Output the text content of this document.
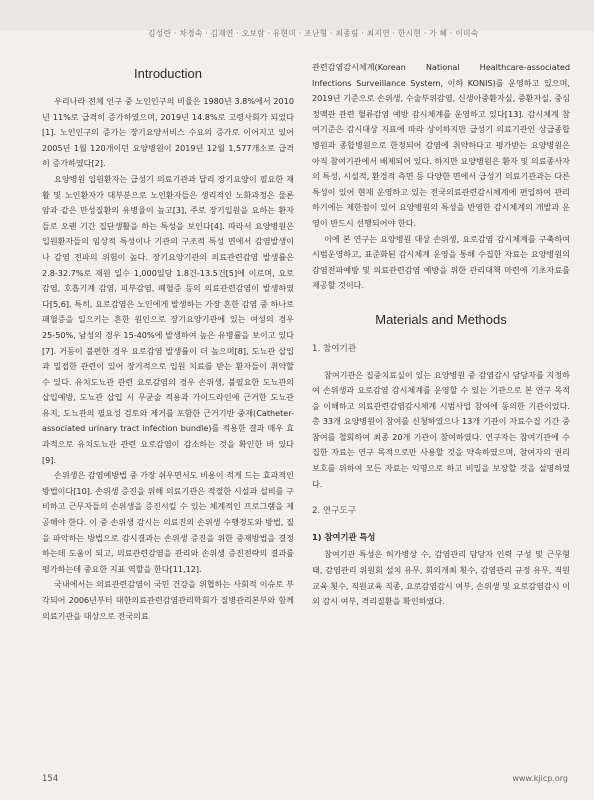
김성란 · 차경숙 · 김재연 · 오보람 · 유현미 · 조난형 · 최종림 · 최지연 · 한시현 · 가 혜 · 이미숙
Introduction

우리나라 전체 인구 중 노인인구의 비율은 1980년 3.8%에서 2010년 11%로 급격히 증가하였으며, 2019년 14.8%로 고령사회가 되었다[1]. 노인인구의 증가는 장기요양서비스 수요의 증가로 이어지고 있어 2005년 1월 120개이던 요양병원이 2019년 12월 1,577개소로 급격히 증가하였다[2].

요양병원 입원환자는 급성기 의료기관과 달리 장기요양이 필요한 재활 및 노인환자가 대부분으로 노인환자들은 생리적인 노화과정은 물론 암과 같은 만성질환의 유병율이 높고[3], 주로 장기입원을 요하는 환자들로 오랜 기간 집단생활을 하는 특성을 보인다[4]. 따라서 요양병원은 입원환자들의 임상적 특성이나 기관의 구조적 특성 면에서 감염발생이나 감염 전파의 위험이 높다. 장기요양기관의 의료관련감염 발생률은 2.8-32.7%로 재원 일수 1,000일당 1.8건-13.5건[5]에 이르며, 요로감염, 호흡기계 감염, 피부감염, 폐혈증 등의 의료관련감염이 발생하였다[5,6]. 특히, 요로감염은 노인에게 발생하는 가장 흔한 감염 중 하나로 패혈증을 일으키는 흔한 원인으로 장기요양기관에 있는 여성의 경우 25-50%, 남성의 경우 15-40%에 발생하여 높은 유병률을 보이고 있다[7]. 거동이 불편한 경우 요로감염 발생률이 더 높으며[8], 도뇨관 삽입과 밀접한 관련이 있어 장기적으로 입원 치료를 받는 환자들이 취약할 수 있다. 유치도뇨관 관련 요로감염의 경우 손위생, 불필요한 도뇨관의 삽입예방, 도뇨관 삽입 시 무균술 적용과 가이드라인에 근거한 도뇨관 유지, 도뇨관의 필요성 검토와 제거를 포함한 근거기반 중재(Catheter-associated urinary tract infection bundle)를 적용한 결과 매우 효과적으로 유치도뇨관 관련 요로감염이 감소하는 것을 확인한 바 있다[9].

손위생은 감염예방법 중 가장 쉬우면서도 비용이 적게 드는 효과적인 방법이다[10]. 손위생 증진을 위해 의료기관은 적절한 시설과 설비를 구비하고 근무자들의 손위생을 증진시킬 수 있는 체계적인 프로그램을 제공해야 한다. 이 중 손위생 감시는 의료진의 손위생 수행정도와 방법, 질을 파악하는 방법으로 감시결과는 손위생 증진을 위한 중재방법을 결정하는데 도움이 되고, 의료관련감염을 관리와 손위생 증진전략의 결과를 평가하는데 중요한 지표 역할을 한다[11,12].

국내에서는 의료관련감염이 국민 건강을 위협하는 사회적 이슈로 부각되어 2006년부터 대한의료관련감염관리학회가 질병관리본부와 함께 의료기관을 대상으로 전국의료

관련감염감시체계(Korean National Healthcare-associated Infections Surveillance System, 이하 KONIS)를 운영하고 있으며, 2019년 기준으로 손위생, 수술부위감염, 신생아중환자실, 중환자실, 중심정맥관 관련 혈류감염 예방 감시체계를 운영하고 있다[13]. 감시체계 참여기준은 감시대상 지표에 따라 상이하지만 급성기 의료기관인 상급종합병원과 종합병원으로 한정되어 감염에 취약하다고 평가받는 요양병원은 아직 참여기관에서 배제되어 있다. 하지만 요양병원은 환자 및 의료종사자의 특성, 시설적, 환경적 측면 등 다양한 면에서 급성기 의료기관과는 다른 특성이 있어 현재 운영하고 있는 전국의료관련감시체계에 편입하여 관리하기에는 제한점이 있어 요양병원의 특성을 반영한 감시체계의 개발과 운영이 반드시 선행되어야 한다.

이에 본 연구는 요양병원 대상 손위생, 요로감염 감시체계를 구축하여 시범운영하고, 표준화된 감시체계 운영을 통해 수집한 자료는 요양병원의 감염전파예방 및 의료관련감염 예방을 위한 관리대책 마련에 기초자료를 제공할 것이다.

Materials and Methods
1. 참여기관

참여기관은 집중치료실이 있는 요양병원 중 감염감시 담당자를 지정하여 손위생과 요로감염 감시체계를 운영할 수 있는 기관으로 본 연구 목적을 이해하고 의료관련감염감시체계 시범사업 참여에 동의한 기관이었다. 총 33개 요양병원이 참여를 신청하였으나 13개 기관이 자료수집 기간 중 참여를 철회하여 최종 20개 기관이 참여하였다. 연구자는 참여기관에 수집한 자료는 연구 목적으로만 사용할 것을 약속하였으며, 참여자의 권리 보호를 위하여 모든 자료는 익명으로 하고 비밀을 보장할 것을 설명하였다.

2. 연구도구
1) 참여기관 특성

참여기관 특성은 허가병상 수, 감염관리 담당자 인력 구성 및 근무형태, 감염관리 위원회 설치 유무, 회의개최 횟수, 감염관리 규정 유무, 직원교육 횟수, 직원교육 직종, 요로감염감시 여부, 손위생 및 요로감염감시 이외 감시 여부, 격리질환을 확인하였다.

154	www.kjicp.org
